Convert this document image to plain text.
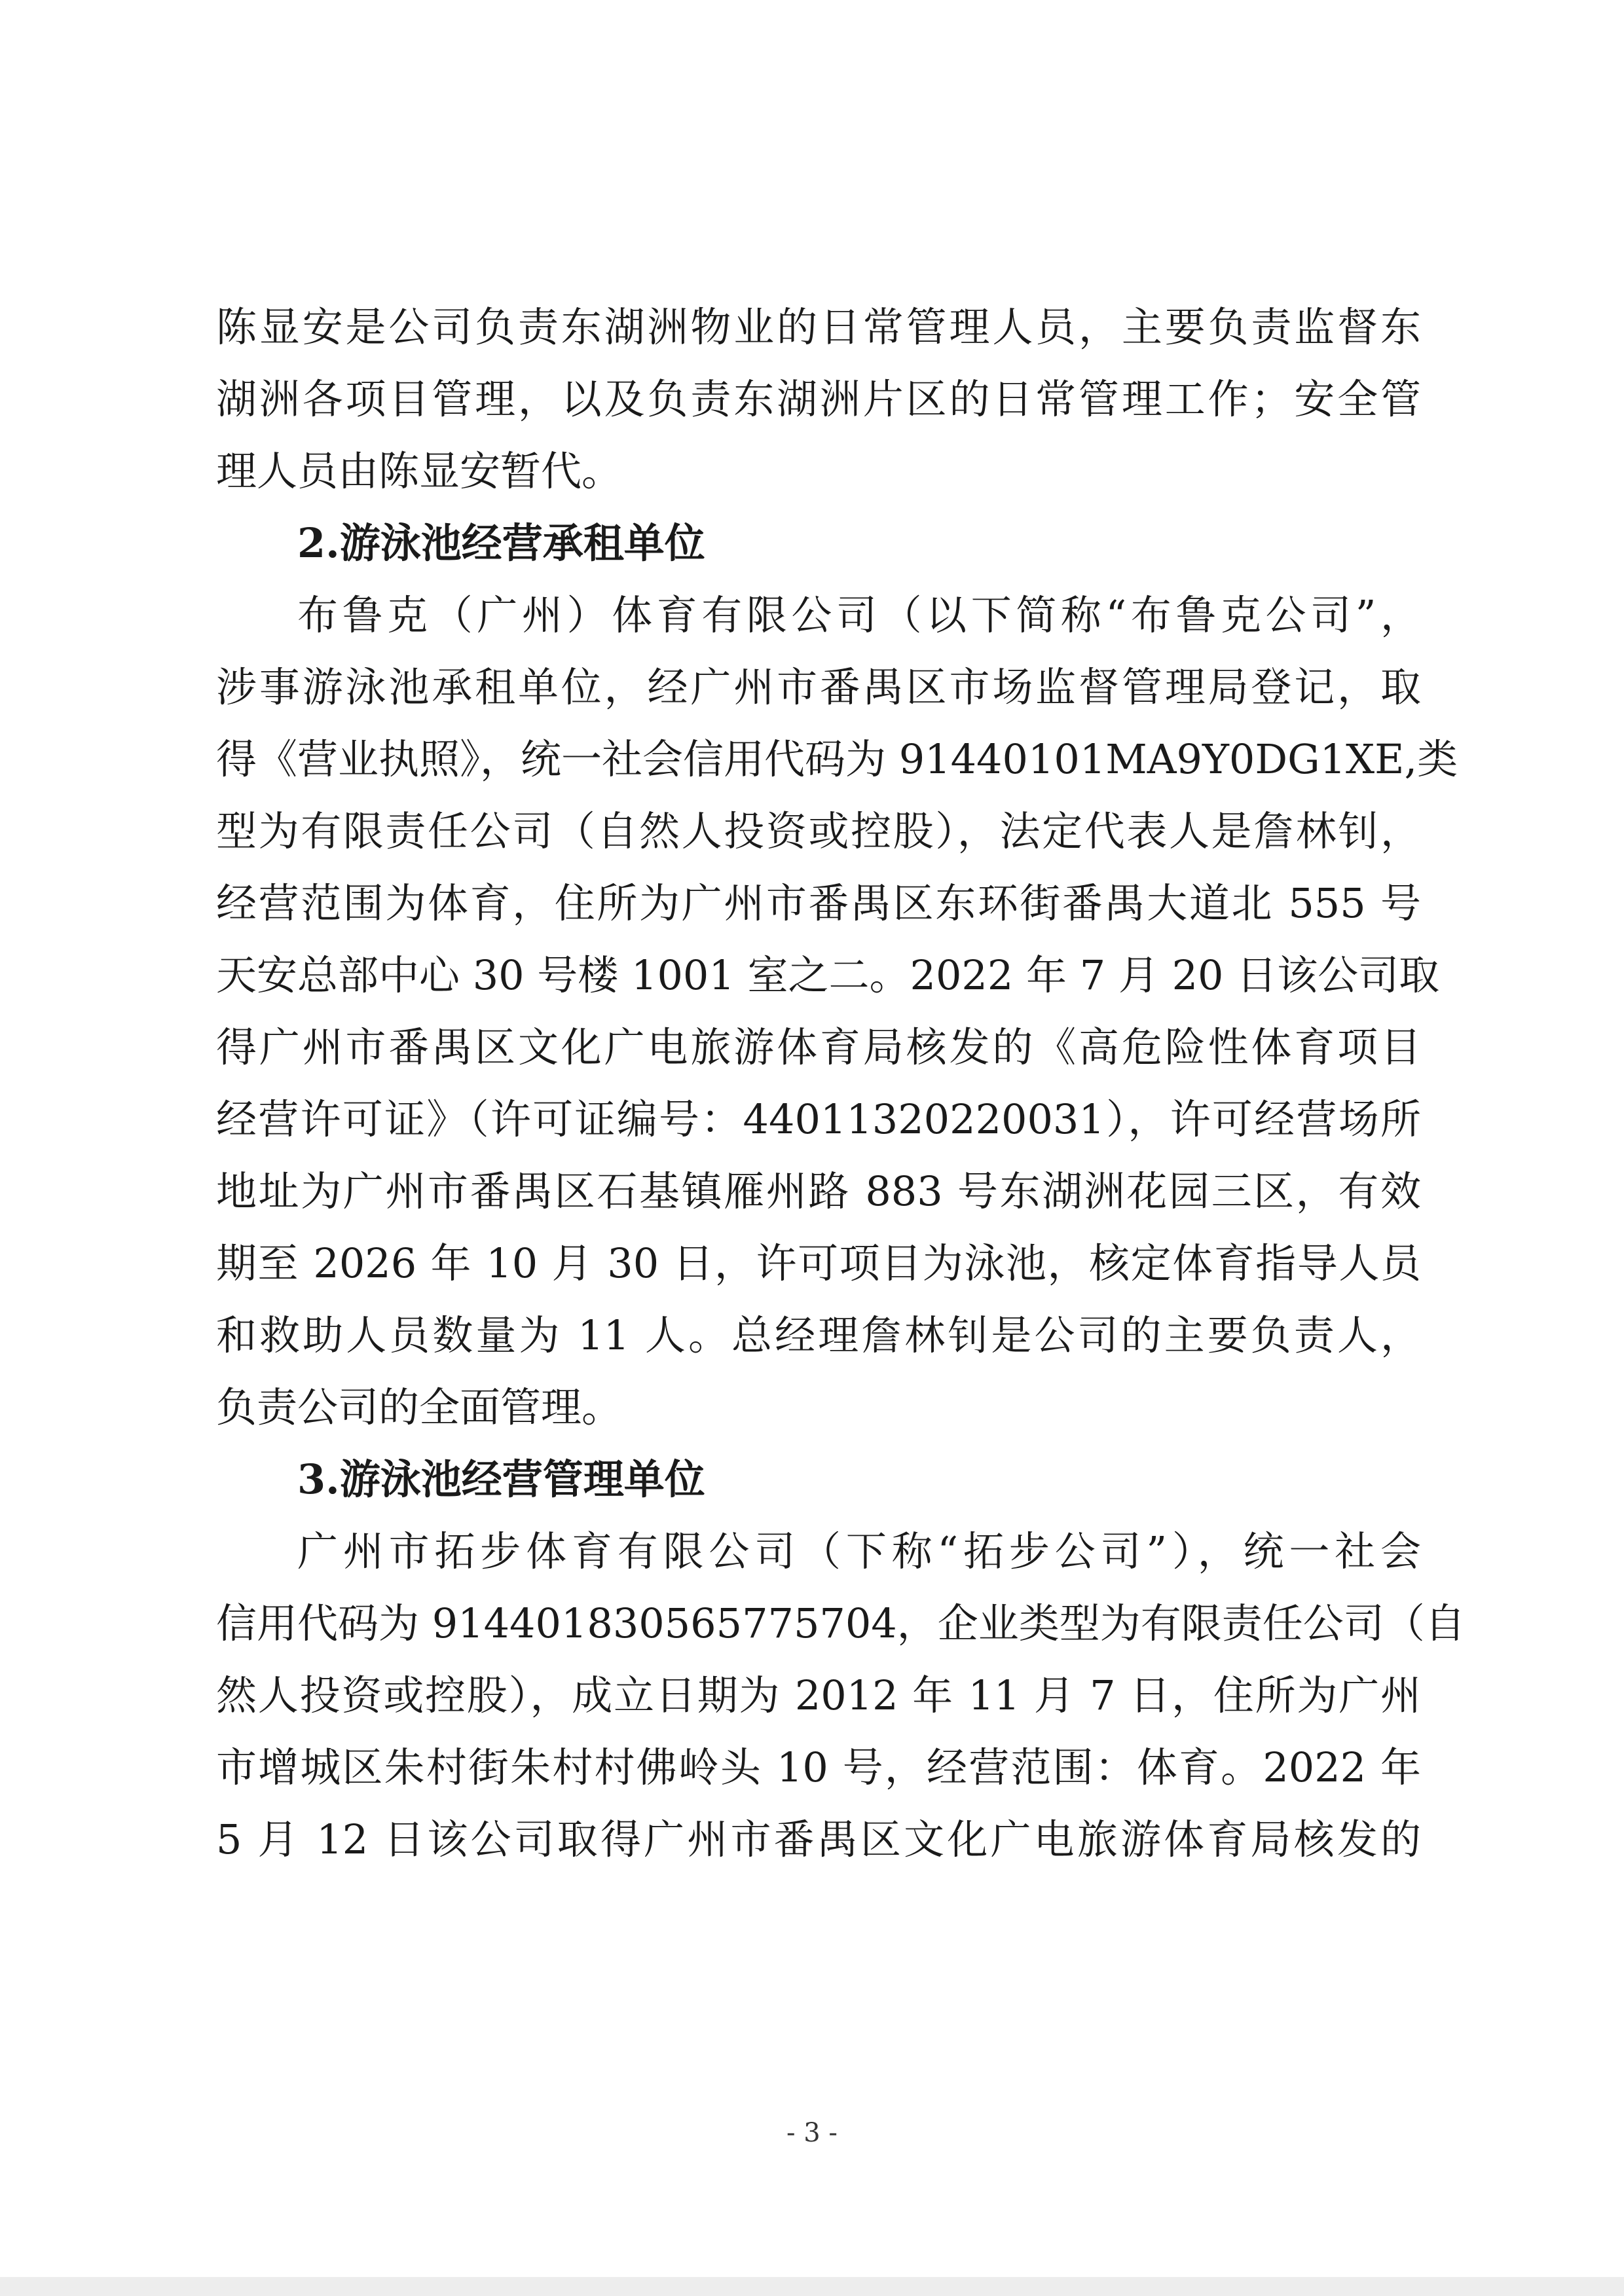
陈显安是公司负责东湖洲物业的日常管理人员，主要负责监督东
湖洲各项目管理，以及负责东湖洲片区的日常管理工作；安全管
理人员由陈显安暂代。
2.游泳池经营承租单位
布鲁克（广州）体育有限公司（以下简称“布鲁克公司”，
涉事游泳池承租单位，经广州市番禺区市场监督管理局登记，取
得《营业执照》，统一社会信用代码为 91440101MA9Y0DG1XE,类
型为有限责任公司（自然人投资或控股），法定代表人是詹林钊，
经营范围为体育，住所为广州市番禺区东环街番禺大道北 555 号
天安总部中心 30 号楼 1001 室之二。2022 年 7 月 20 日该公司取
得广州市番禺区文化广电旅游体育局核发的《高危险性体育项目
经营许可证》（许可证编号：44011320220031），许可经营场所
地址为广州市番禺区石基镇雁州路 883 号东湖洲花园三区，有效
期至 2026 年 10 月 30 日，许可项目为泳池，核定体育指导人员
和救助人员数量为 11 人。总经理詹林钊是公司的主要负责人，
负责公司的全面管理。
3.游泳池经营管理单位
广州市拓步体育有限公司（下称“拓步公司”），统一社会
信用代码为 914401830565775704，企业类型为有限责任公司（自
然人投资或控股），成立日期为 2012 年 11 月 7 日，住所为广州
市增城区朱村街朱村村佛岭头 10 号，经营范围：体育。2022 年
5 月 12 日该公司取得广州市番禺区文化广电旅游体育局核发的
- 3 -
